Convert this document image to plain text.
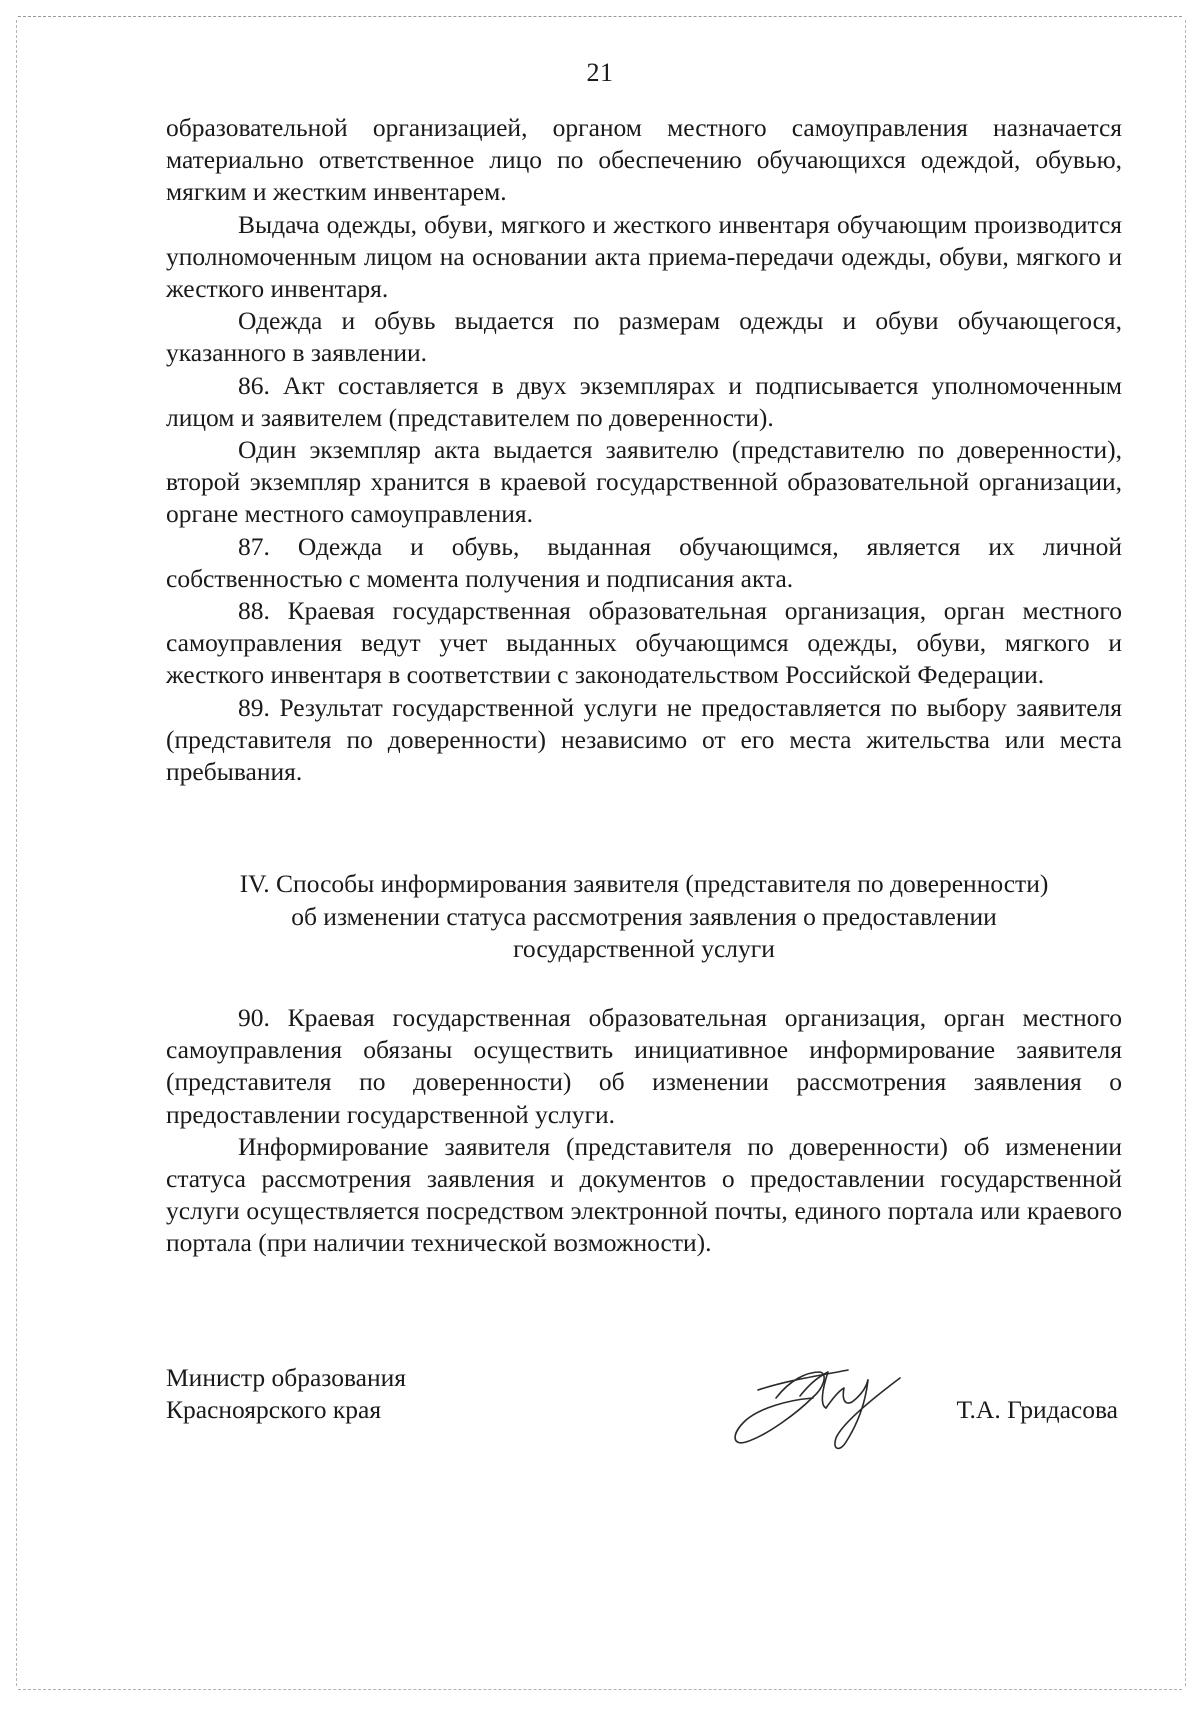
21

образовательной организацией, органом местного самоуправления назначается материально ответственное лицо по обеспечению обучающихся одеждой, обувью, мягким и жестким инвентарем.

Выдача одежды, обуви, мягкого и жесткого инвентаря обучающим производится уполномоченным лицом на основании акта приема-передачи одежды, обуви, мягкого и жесткого инвентаря.

Одежда и обувь выдается по размерам одежды и обуви обучающегося, указанного в заявлении.

86. Акт составляется в двух экземплярах и подписывается уполномоченным лицом и заявителем (представителем по доверенности).

Один экземпляр акта выдается заявителю (представителю по доверенности), второй экземпляр хранится в краевой государственной образовательной организации, органе местного самоуправления.

87. Одежда и обувь, выданная обучающимся, является их личной собственностью с момента получения и подписания акта.

88. Краевая государственная образовательная организация, орган местного самоуправления ведут учет выданных обучающимся одежды, обуви, мягкого и жесткого инвентаря в соответствии с законодательством Российской Федерации.

89. Результат государственной услуги не предоставляется по выбору заявителя (представителя по доверенности) независимо от его места жительства или места пребывания.

IV. Способы информирования заявителя (представителя по доверенности)
об изменении статуса рассмотрения заявления о предоставлении
государственной услуги

90. Краевая государственная образовательная организация, орган местного самоуправления обязаны осуществить инициативное информирование заявителя (представителя по доверенности) об изменении рассмотрения заявления о предоставлении государственной услуги.

Информирование заявителя (представителя по доверенности) об изменении статуса рассмотрения заявления и документов о предоставлении государственной услуги осуществляется посредством электронной почты, единого портала или краевого портала (при наличии технической возможности).

Министр образования
Красноярского края	Т.А. Гридасова
